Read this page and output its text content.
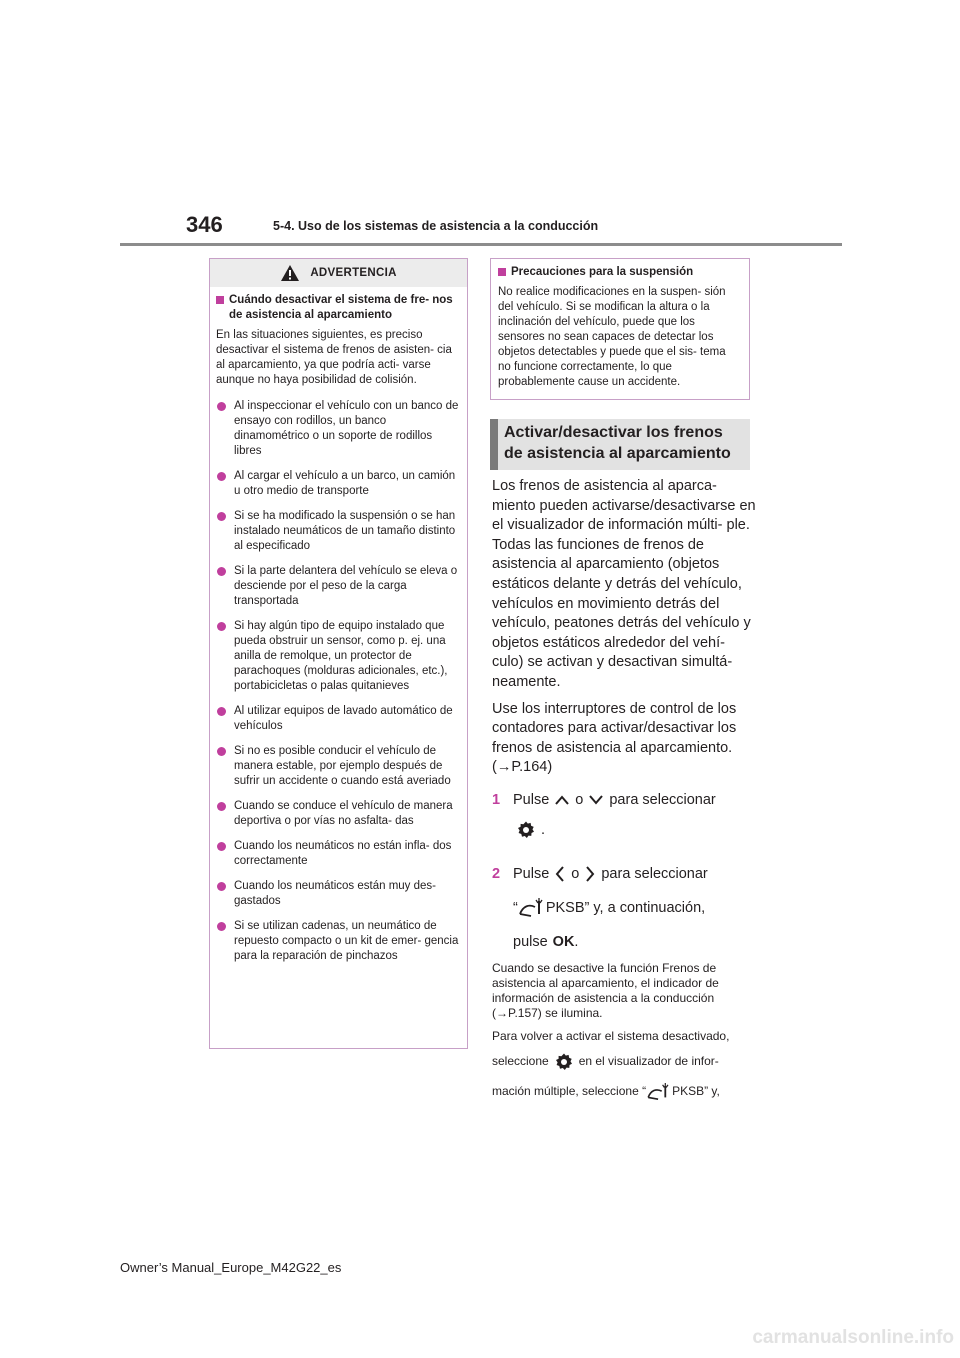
346	5-4. Uso de los sistemas de asistencia a la conducción
ADVERTENCIA
Cuándo desactivar el sistema de fre- nos de asistencia al aparcamiento

En las situaciones siguientes, es preciso desactivar el sistema de frenos de asisten- cia al aparcamiento, ya que podría acti- varse aunque no haya posibilidad de colisión.

Al inspeccionar el vehículo con un banco de ensayo con rodillos, un banco dinamométrico o un soporte de rodillos libres
Al cargar el vehículo a un barco, un camión u otro medio de transporte
Si se ha modificado la suspensión o se han instalado neumáticos de un tamaño distinto al especificado
Si la parte delantera del vehículo se eleva o desciende por el peso de la carga transportada
Si hay algún tipo de equipo instalado que pueda obstruir un sensor, como p. ej. una anilla de remolque, un protector de parachoques (molduras adicionales, etc.), portabicicletas o palas quitanieves
Al utilizar equipos de lavado automático de vehículos
Si no es posible conducir el vehículo de manera estable, por ejemplo después de sufrir un accidente o cuando está averiado
Cuando se conduce el vehículo de manera deportiva o por vías no asfalta- das
Cuando los neumáticos no están infla- dos correctamente
Cuando los neumáticos están muy des- gastados
Si se utilizan cadenas, un neumático de repuesto compacto o un kit de emer- gencia para la reparación de pinchazos
Precauciones para la suspensión

No realice modificaciones en la suspen- sión del vehículo. Si se modifican la altura o la inclinación del vehículo, puede que los sensores no sean capaces de detectar los objetos detectables y puede que el sis- tema no funcione correctamente, lo que probablemente cause un accidente.

Activar/desactivar los frenos
de asistencia al aparcamiento

Los frenos de asistencia al aparca- miento pueden activarse/desactivarse en el visualizador de información múlti- ple. Todas las funciones de frenos de asistencia al aparcamiento (objetos estáticos delante y detrás del vehículo, vehículos en movimiento detrás del vehículo, peatones detrás del vehículo y objetos estáticos alrededor del vehí- culo) se activan y desactivan simultá- neamente.

Use los interruptores de control de los contadores para activar/desactivar los frenos de asistencia al aparcamiento. (→P.164)

1 Pulse o para seleccionar
.
2 Pulse o para seleccionar
“ PKSB” y, a continuación,
pulse OK .

Cuando se desactive la función Frenos de asistencia al aparcamiento, el indicador de información de asistencia a la conducción (→P.157) se ilumina.

Para volver a activar el sistema desactivado,
seleccione	en el visualizador de infor-
mación múltiple, seleccione “ PKSB” y,
Owner’s Manual_Europe_M42G22_es
carmanualsonline.info
